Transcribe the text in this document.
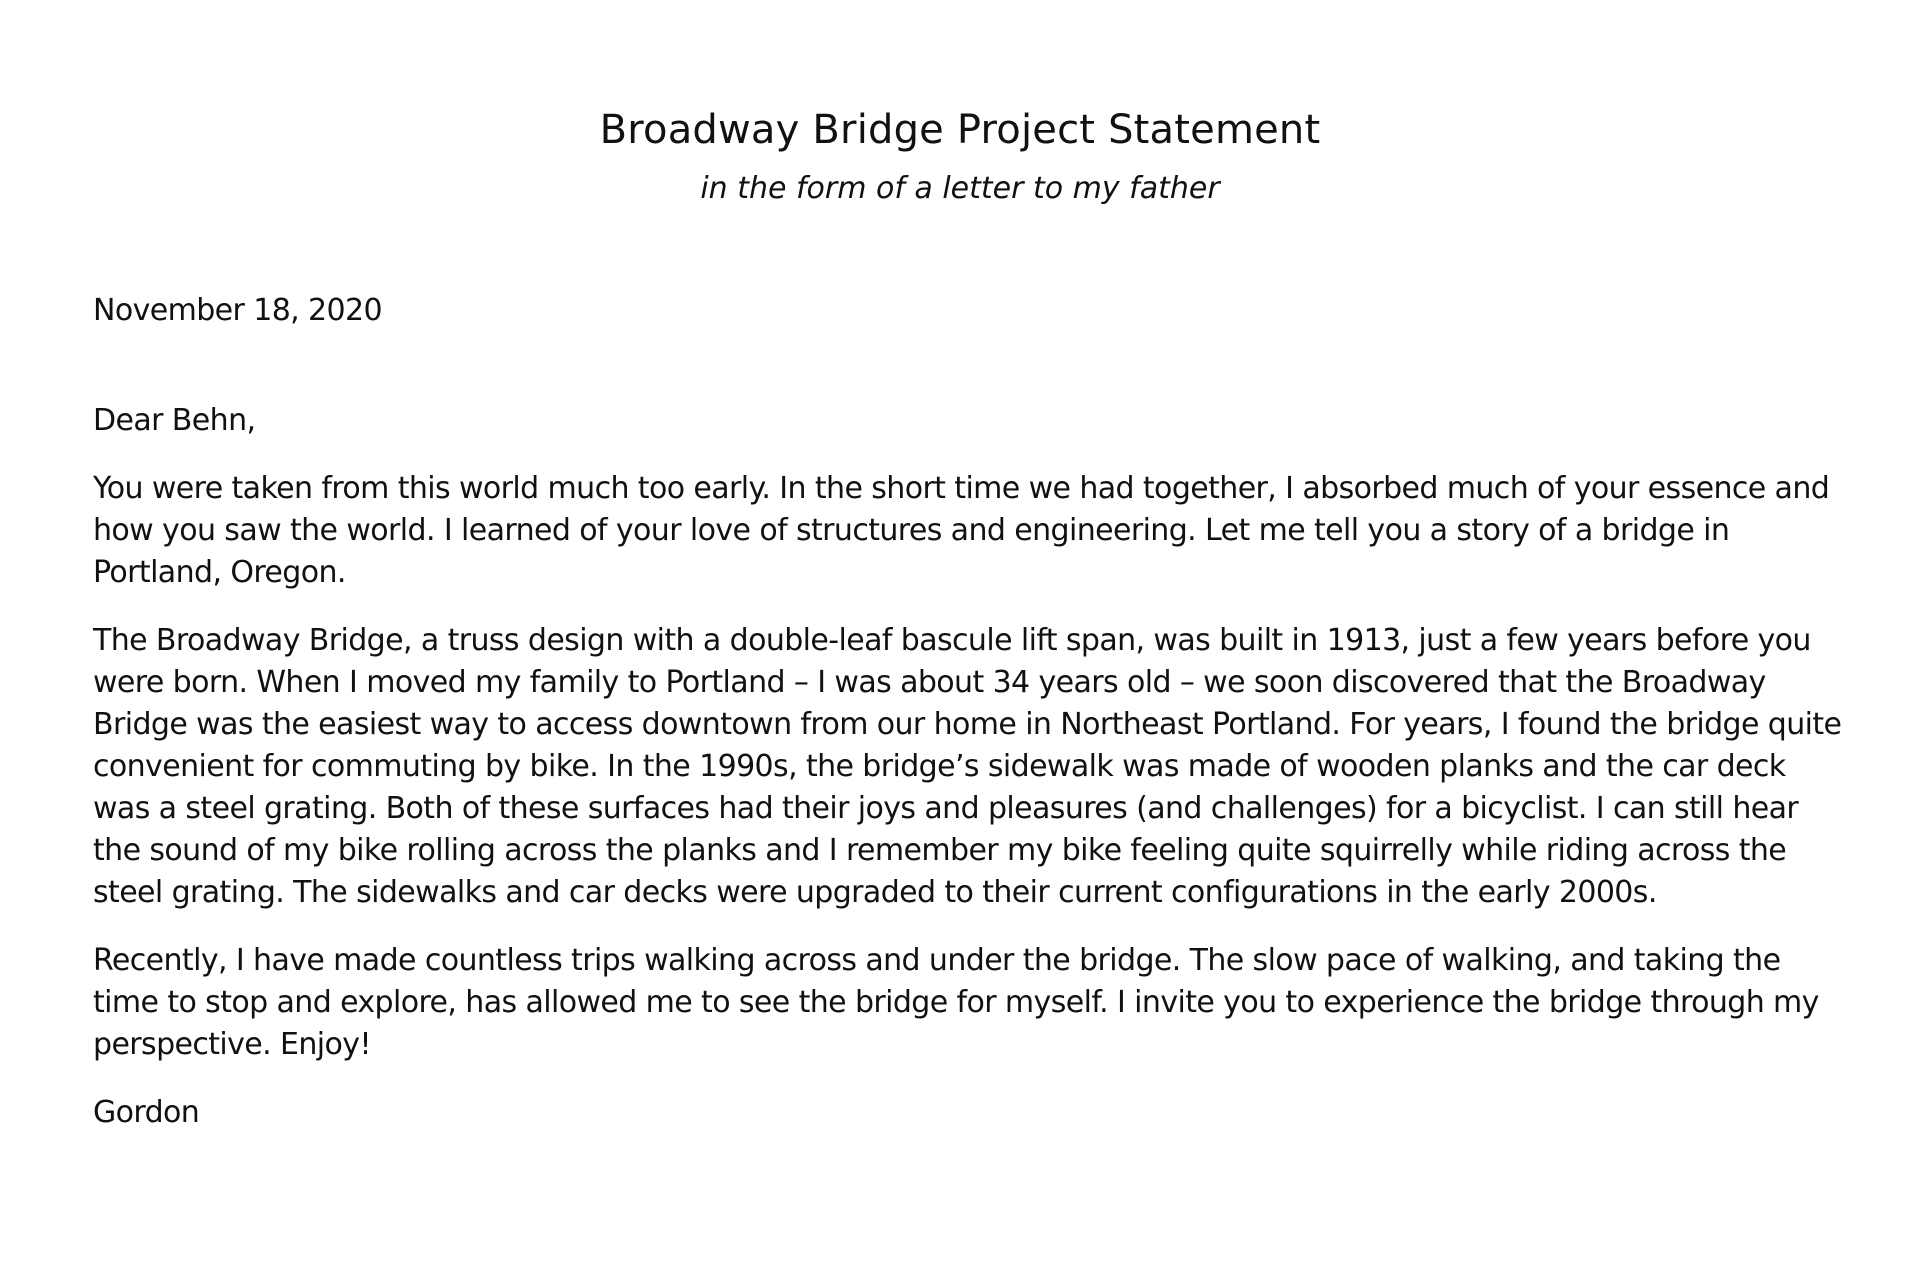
Broadway Bridge Project Statement
in the form of a letter to my father

November 18, 2020

Dear Behn,

You were taken from this world much too early. In the short time we had together, I absorbed much of your essence and how you saw the world. I learned of your love of structures and engineering. Let me tell you a story of a bridge in Portland, Oregon.

The Broadway Bridge, a truss design with a double-leaf bascule lift span, was built in 1913, just a few years before you were born. When I moved my family to Portland – I was about 34 years old – we soon discovered that the Broadway Bridge was the easiest way to access downtown from our home in Northeast Portland. For years, I found the bridge quite convenient for commuting by bike. In the 1990s, the bridge’s sidewalk was made of wooden planks and the car deck was a steel grating. Both of these surfaces had their joys and pleasures (and challenges) for a bicyclist. I can still hear the sound of my bike rolling across the planks and I remember my bike feeling quite squirrelly while riding across the steel grating. The sidewalks and car decks were upgraded to their current configurations in the early 2000s.

Recently, I have made countless trips walking across and under the bridge. The slow pace of walking, and taking the time to stop and explore, has allowed me to see the bridge for myself. I invite you to experience the bridge through my perspective. Enjoy!

Gordon
